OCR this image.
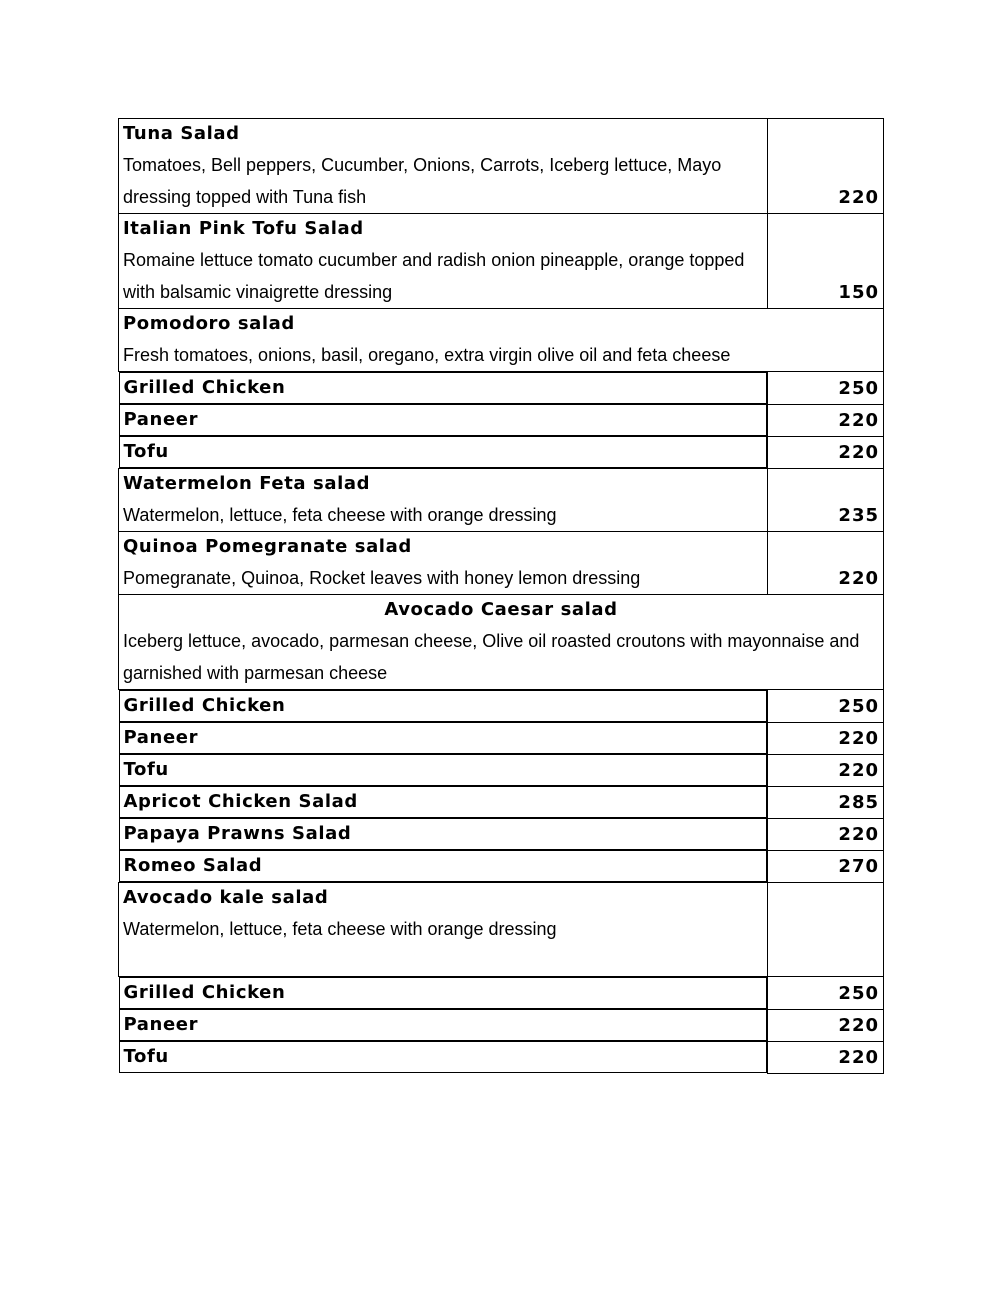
Tuna Salad
Tomatoes, Bell peppers, Cucumber, Onions, Carrots, Iceberg lettuce, Mayo dressing topped with Tuna fish	220

Italian Pink Tofu Salad
Romaine lettuce tomato cucumber and radish onion pineapple, orange topped with balsamic vinaigrette dressing	150

Pomodoro salad
Fresh tomatoes, onions, basil, oregano, extra virgin olive oil and feta cheese	

Grilled Chicken	250

Paneer	220

Tofu	220

Watermelon Feta salad
Watermelon, lettuce, feta cheese with orange dressing	235

Quinoa Pomegranate salad
Pomegranate, Quinoa, Rocket leaves with honey lemon dressing	220

Avocado Caesar salad
Iceberg lettuce, avocado, parmesan cheese, Olive oil roasted croutons with mayonnaise and garnished with parmesan cheese	

Grilled Chicken	250

Paneer	220

Tofu	220

Apricot Chicken Salad	285

Papaya Prawns Salad	220

Romeo Salad	270

Avocado kale salad
Watermelon, lettuce, feta cheese with orange dressing	

Grilled Chicken	250

Paneer	220

Tofu	220
